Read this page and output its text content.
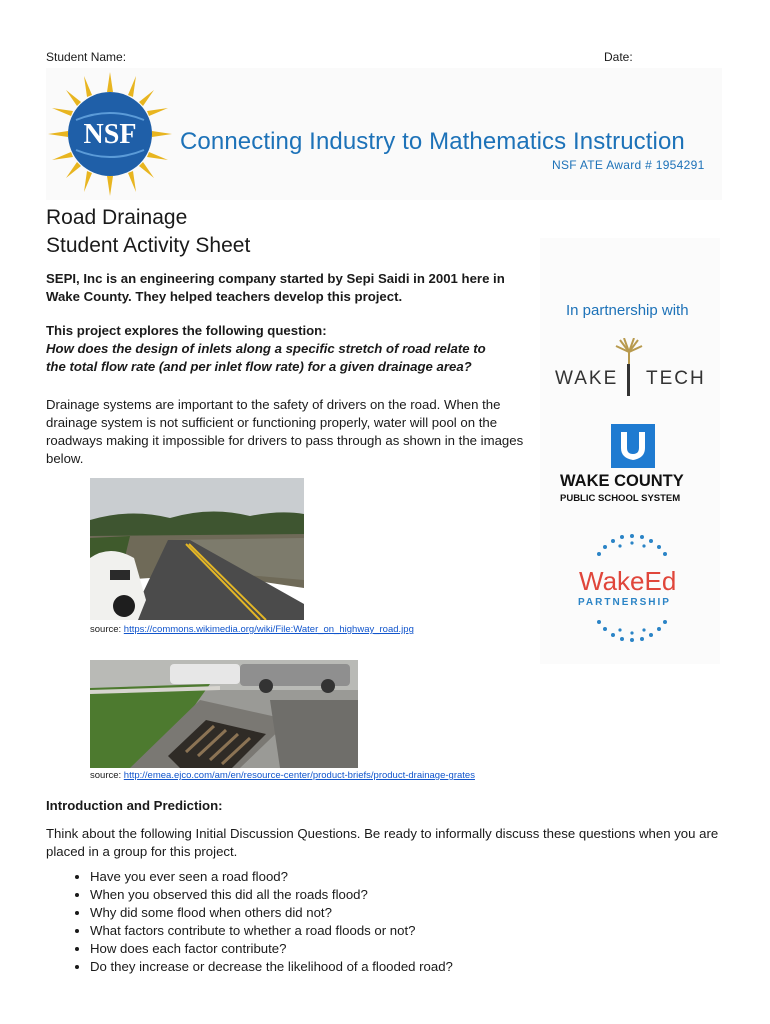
Student Name:	Date:
NSF Connecting Industry to Mathematics Instruction
NSF ATE Award # 1954291
Road Drainage
Student Activity Sheet
SEPI, Inc is an engineering company started by Sepi Saidi in 2001 here in
Wake County. They helped teachers develop this project.
This project explores the following question:
How does the design of inlets along a specific stretch of road relate to
the total flow rate (and per inlet flow rate) for a given drainage area?
Drainage systems are important to the safety of drivers on the road. When the drainage system is not sufficient or functioning properly, water will pool on the roadways making it impossible for drivers to pass through as shown in the images below.
source: https://commons.wikimedia.org/wiki/File:Water_on_highway_road.jpg
source: http://emea.ejco.com/am/en/resource-center/product-briefs/product-drainage-grates
In partnership with
WAKE TECH
WAKE COUNTY
PUBLIC SCHOOL SYSTEM
WakeEd
PARTNERSHIP
Introduction and Prediction:
Think about the following Initial Discussion Questions. Be ready to informally discuss these questions when you are placed in a group for this project.
• Have you ever seen a road flood?
• When you observed this did all the roads flood?
• Why did some flood when others did not?
• What factors contribute to whether a road floods or not?
• How does each factor contribute?
• Do they increase or decrease the likelihood of a flooded road?
